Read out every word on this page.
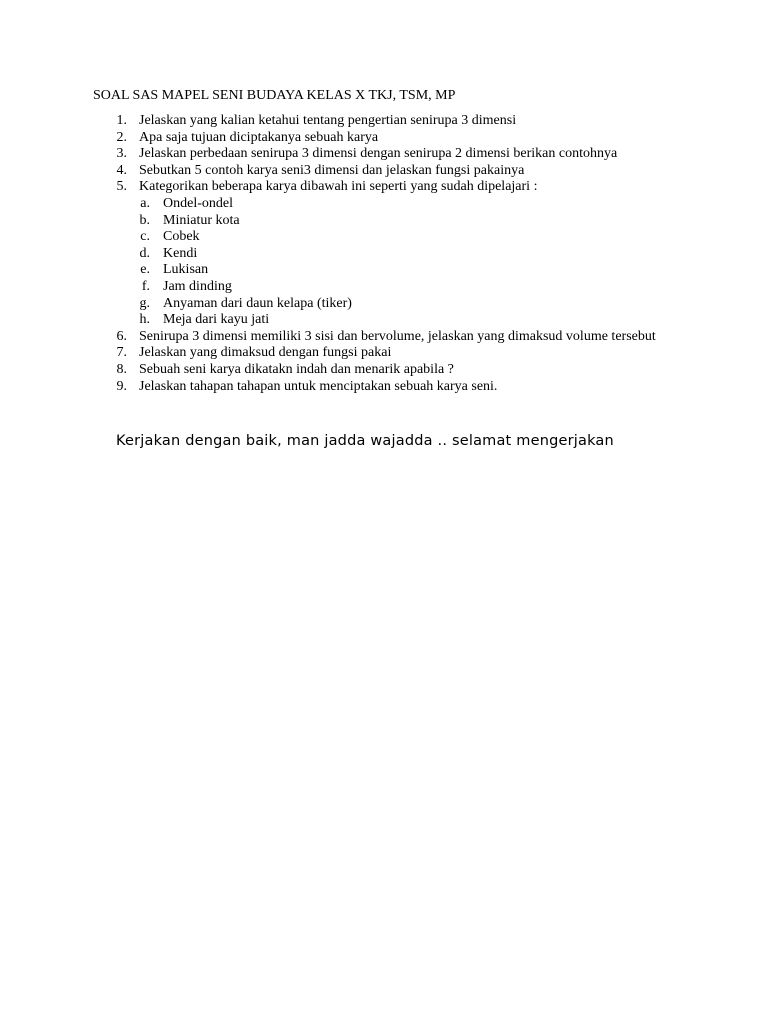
SOAL SAS MAPEL SENI BUDAYA KELAS X TKJ, TSM, MP
1. Jelaskan yang kalian ketahui tentang pengertian senirupa 3 dimensi
2. Apa saja tujuan diciptakanya sebuah karya
3. Jelaskan perbedaan senirupa 3 dimensi dengan senirupa 2 dimensi berikan contohnya
4. Sebutkan 5 contoh karya seni3 dimensi dan jelaskan fungsi pakainya
5. Kategorikan beberapa karya dibawah ini seperti yang sudah dipelajari :
a. Ondel-ondel
b. Miniatur kota
c. Cobek
d. Kendi
e. Lukisan
f. Jam dinding
g. Anyaman dari daun kelapa (tiker)
h. Meja dari kayu jati
6. Senirupa 3 dimensi memiliki 3 sisi dan bervolume, jelaskan yang dimaksud volume tersebut
7. Jelaskan yang dimaksud dengan fungsi pakai
8. Sebuah seni karya dikatakn indah dan menarik apabila ?
9. Jelaskan tahapan tahapan untuk menciptakan sebuah karya seni.
Kerjakan dengan baik, man jadda wajadda .. selamat mengerjakan
